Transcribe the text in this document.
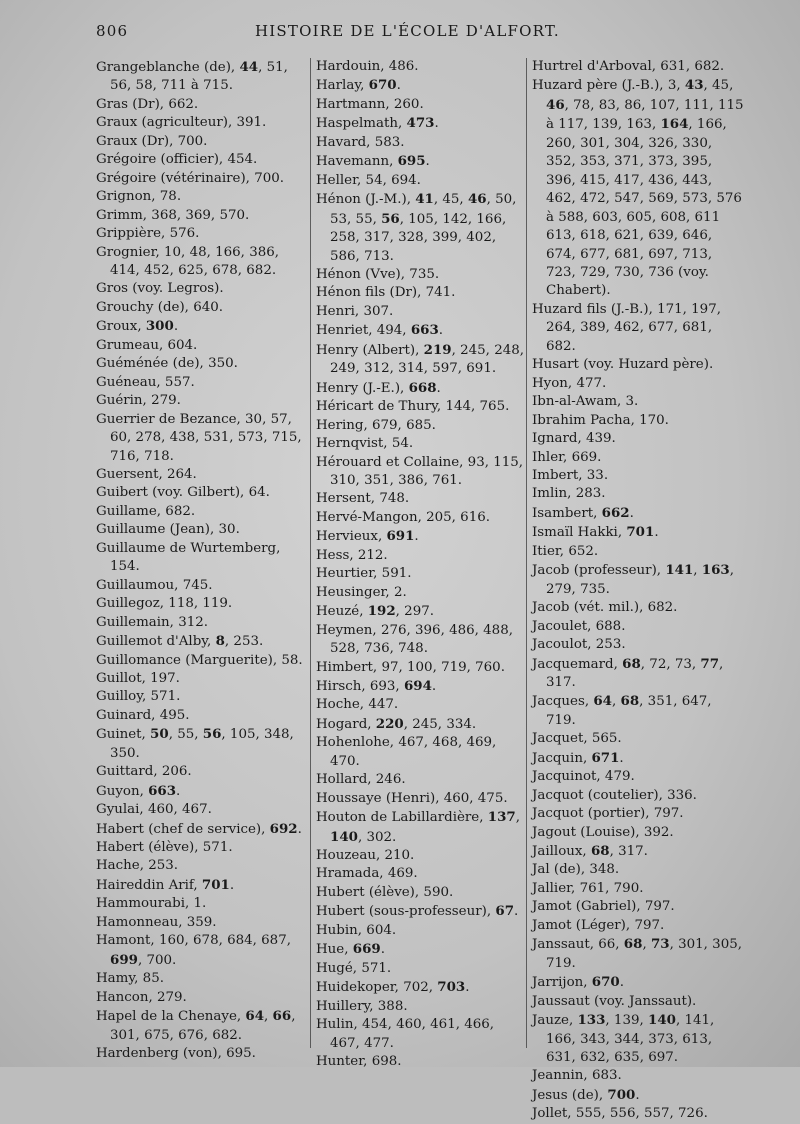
806	HISTOIRE DE L'ÉCOLE D'ALFORT.
Grangeblanche (de), 44, 51, 56, 58, 711 à 715.
Gras (Dr), 662.
Graux (agriculteur), 391.
Graux (Dr), 700.
Grégoire (officier), 454.
Grégoire (vétérinaire), 700.
Grignon, 78.
Grimm, 368, 369, 570.
Grippière, 576.
Grognier, 10, 48, 166, 386, 414, 452, 625, 678, 682.
Gros (voy. Legros).
Grouchy (de), 640.
Groux, 300.
Grumeau, 604.
Guéménée (de), 350.
Guéneau, 557.
Guérin, 279.
Guerrier de Bezance, 30, 57, 60, 278, 438, 531, 573, 715, 716, 718.
Guersent, 264.
Guibert (voy. Gilbert), 64.
Guillame, 682.
Guillaume (Jean), 30.
Guillaume de Wurtemberg, 154.
Guillaumou, 745.
Guillegoz, 118, 119.
Guillemain, 312.
Guillemot d'Alby, 8, 253.
Guillomance (Marguerite), 58.
Guillot, 197.
Guilloy, 571.
Guinard, 495.
Guinet, 50, 55, 56, 105, 348, 350.
Guittard, 206.
Guyon, 663.
Gyulai, 460, 467.
Habert (chef de service), 692.
Habert (élève), 571.
Hache, 253.
Haireddin Arif, 701.
Hammourabi, 1.
Hamonneau, 359.
Hamont, 160, 678, 684, 687, 699, 700.
Hamy, 85.
Hancon, 279.
Hapel de la Chenaye, 64, 66, 301, 675, 676, 682.
Hardenberg (von), 695.
Hardouin, 486.
Harlay, 670.
Hartmann, 260.
Haspelmath, 473.
Havard, 583.
Havemann, 695.
Heller, 54, 694.
Hénon (J.-M.), 41, 45, 46, 50, 53, 55, 56, 105, 142, 166, 258, 317, 328, 399, 402, 586, 713.
Hénon (Vve), 735.
Hénon fils (Dr), 741.
Henri, 307.
Henriet, 494, 663.
Henry (Albert), 219, 245, 248, 249, 312, 314, 597, 691.
Henry (J.-E.), 668.
Héricart de Thury, 144, 765.
Hering, 679, 685.
Hernqvist, 54.
Hérouard et Collaine, 93, 115, 310, 351, 386, 761.
Hersent, 748.
Hervé-Mangon, 205, 616.
Hervieux, 691.
Hess, 212.
Heurtier, 591.
Heusinger, 2.
Heuzé, 192, 297.
Heymen, 276, 396, 486, 488, 528, 736, 748.
Himbert, 97, 100, 719, 760.
Hirsch, 693, 694.
Hoche, 447.
Hogard, 220, 245, 334.
Hohenlohe, 467, 468, 469, 470.
Hollard, 246.
Houssaye (Henri), 460, 475.
Houton de Labillardière, 137, 140, 302.
Houzeau, 210.
Hramada, 469.
Hubert (élève), 590.
Hubert (sous-professeur), 67.
Hubin, 604.
Hue, 669.
Hugé, 571.
Huidekoper, 702, 703.
Huillery, 388.
Hulin, 454, 460, 461, 466, 467, 477.
Hunter, 698.
Hurtrel d'Arboval, 631, 682.
Huzard père (J.-B.), 3, 43, 45, 46, 78, 83, 86, 107, 111, 115 à 117, 139, 163, 164, 166, 260, 301, 304, 326, 330, 352, 353, 371, 373, 395, 396, 415, 417, 436, 443, 462, 472, 547, 569, 573, 576 à 588, 603, 605, 608, 611 613, 618, 621, 639, 646, 674, 677, 681, 697, 713, 723, 729, 730, 736 (voy. Chabert).
Huzard fils (J.-B.), 171, 197, 264, 389, 462, 677, 681, 682.
Husart (voy. Huzard père).
Hyon, 477.
Ibn-al-Awam, 3.
Ibrahim Pacha, 170.
Ignard, 439.
Ihler, 669.
Imbert, 33.
Imlin, 283.
Isambert, 662.
Ismaïl Hakki, 701.
Itier, 652.
Jacob (professeur), 141, 163, 279, 735.
Jacob (vét. mil.), 682.
Jacoulet, 688.
Jacoulot, 253.
Jacquemard, 68, 72, 73, 77, 317.
Jacques, 64, 68, 351, 647, 719.
Jacquet, 565.
Jacquin, 671.
Jacquinot, 479.
Jacquot (coutelier), 336.
Jacquot (portier), 797.
Jagout (Louise), 392.
Jailloux, 68, 317.
Jal (de), 348.
Jallier, 761, 790.
Jamot (Gabriel), 797.
Jamot (Léger), 797.
Janssaut, 66, 68, 73, 301, 305, 719.
Jarrijon, 670.
Jaussaut (voy. Janssaut).
Jauze, 133, 139, 140, 141, 166, 343, 344, 373, 613, 631, 632, 635, 697.
Jeannin, 683.
Jesus (de), 700.
Jollet, 555, 556, 557, 726.
